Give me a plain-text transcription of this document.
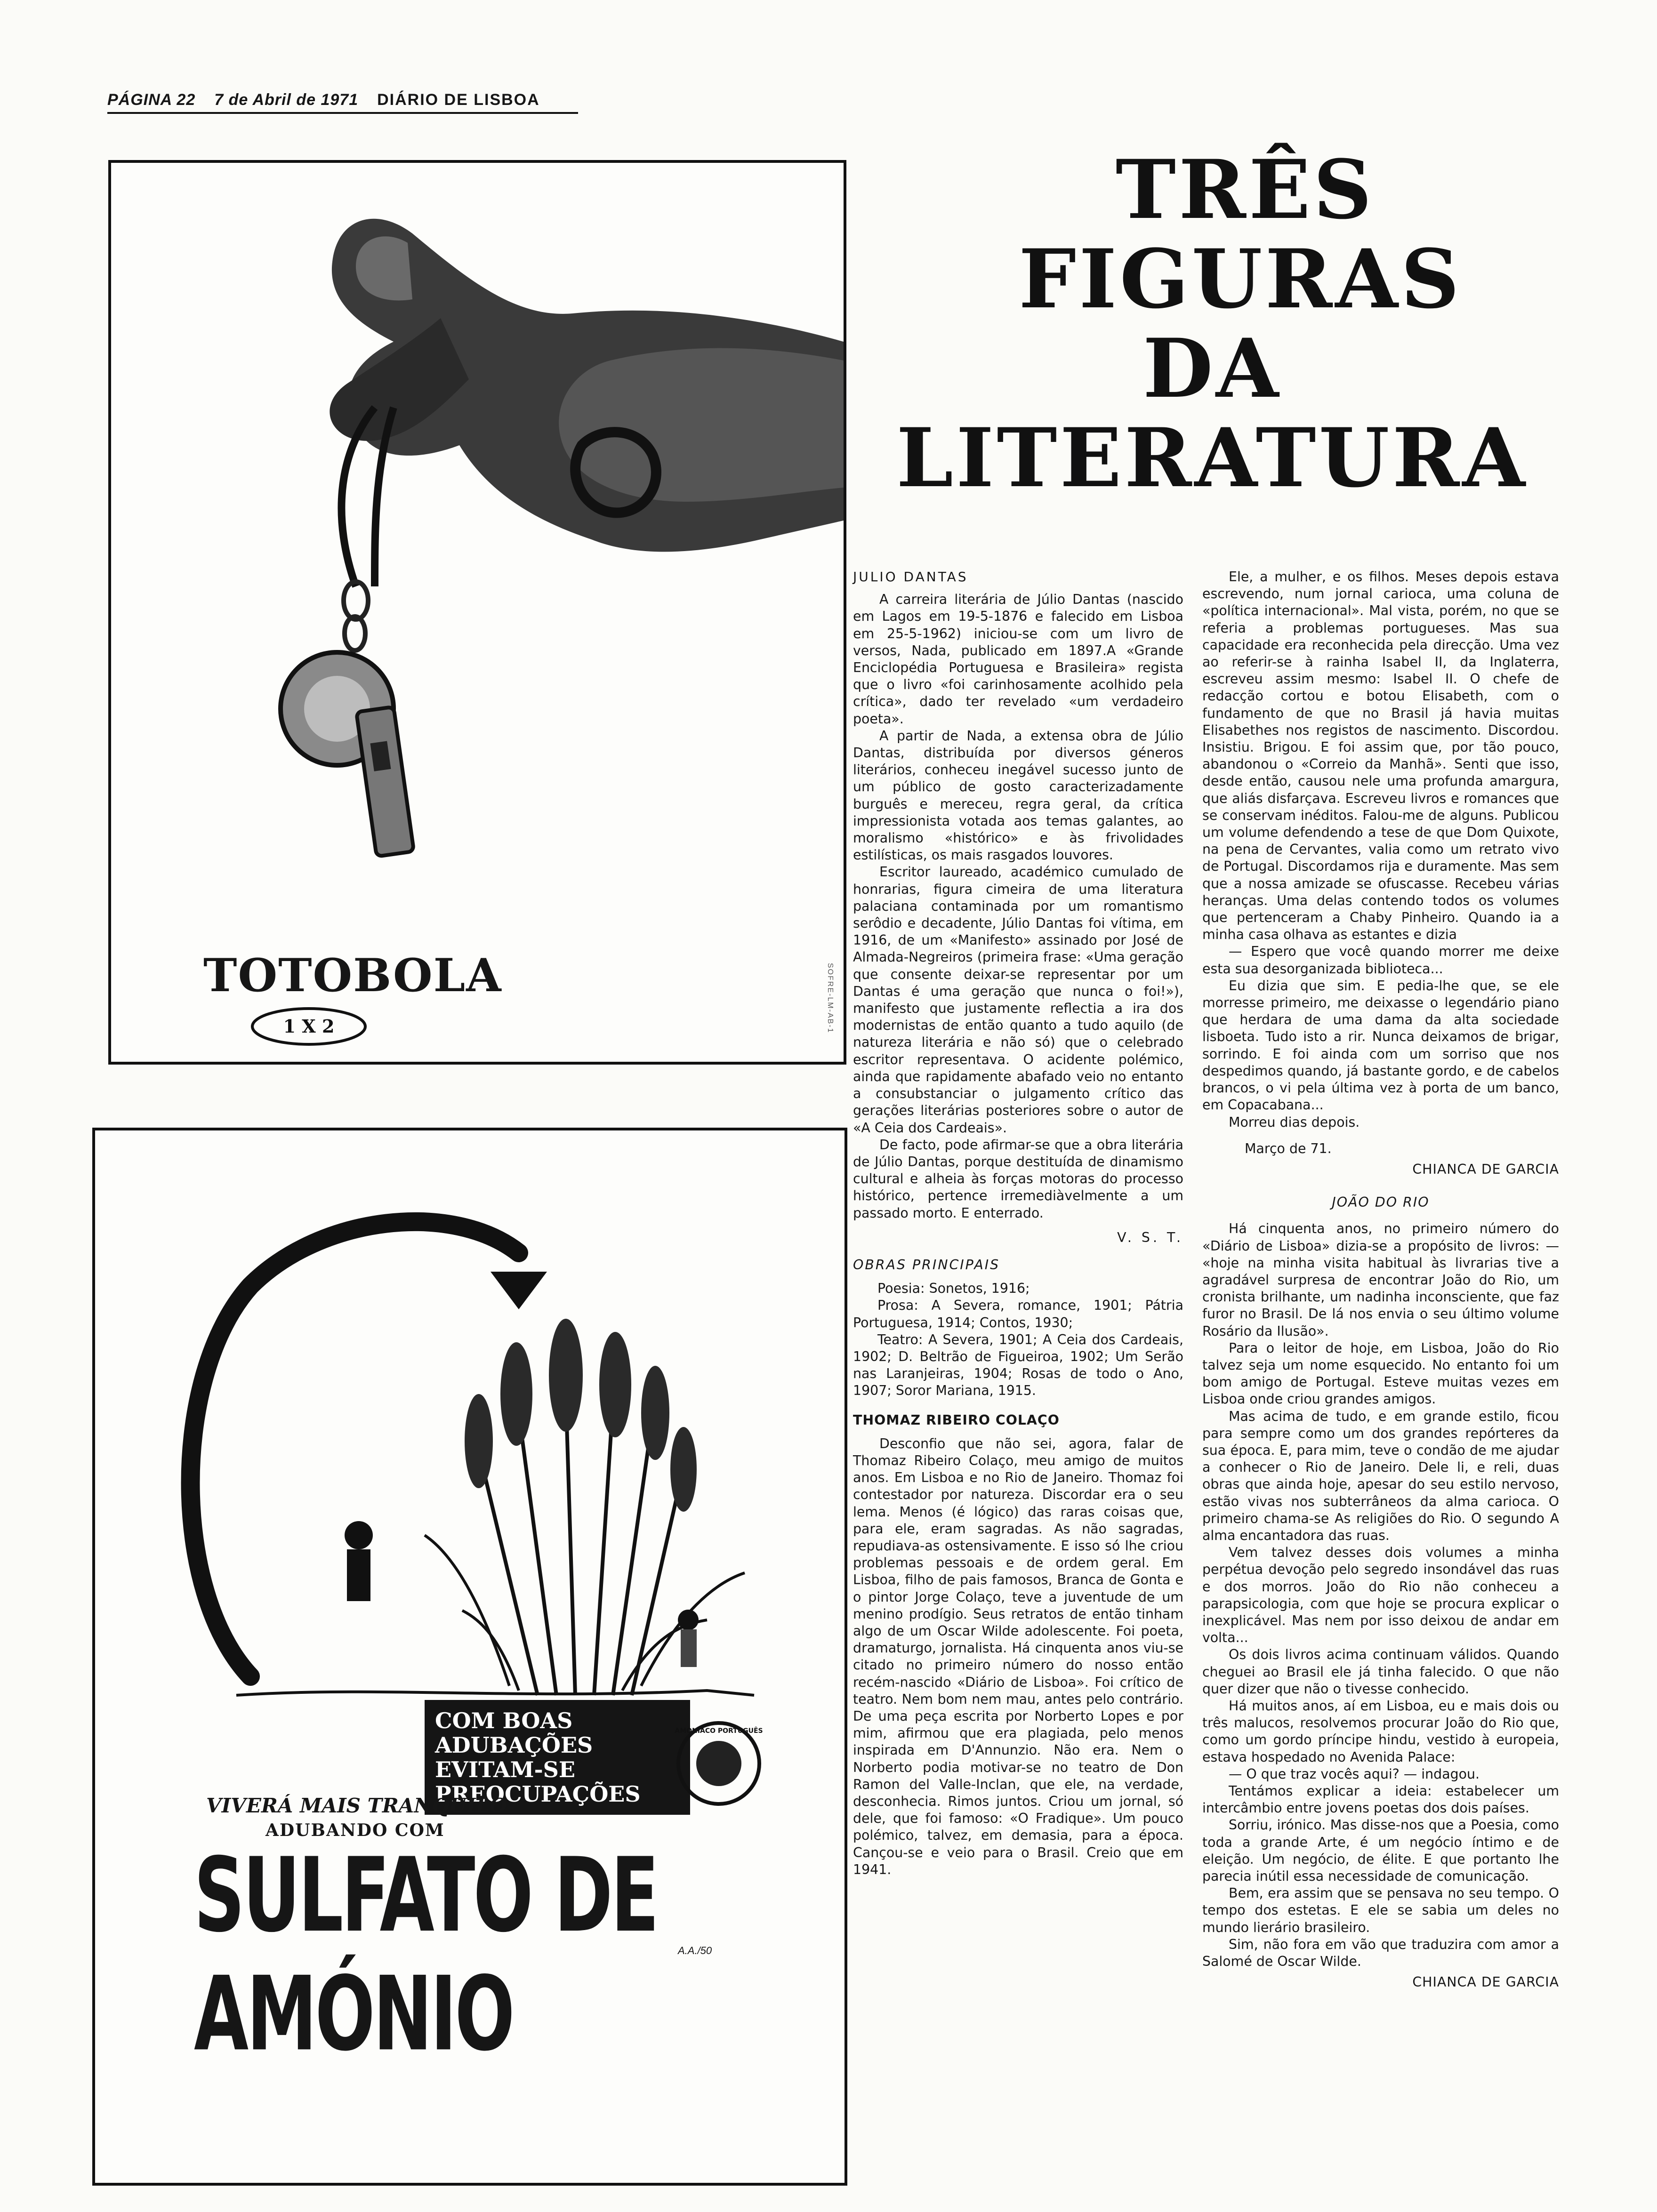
PÁGINA 22 7 de Abril de 1971 DIÁRIO DE LISBOA
TOTOBOLA
1 X 2	SOFRE-LM-AB-1
COM BOAS
ADUBAÇÕES
EVITAM-SE
PREOCUPAÇÕES
AMONÍACO PORTUGUÊS
VIVERÁ MAIS TRANQUILO
ADUBANDO COM
SULFATO DE AMÓNIO
A.A./50
TRÊS
FIGURAS
DA LITERATURA
JULIO DANTAS

A carreira literária de Júlio Dantas (nascido em Lagos em 19-5-1876 e falecido em Lisboa em 25-5-1962) iniciou-se com um livro de versos, Nada, publicado em 1897.A «Grande Enciclopédia Portuguesa e Brasileira» regista que o livro «foi carinhosamente acolhido pela crítica», dado ter revelado «um verdadeiro poeta».

A partir de Nada, a extensa obra de Júlio Dantas, distribuída por diversos géneros literários, conheceu inegável sucesso junto de um público de gosto caracterizadamente burguês e mereceu, regra geral, da crítica impressionista votada aos temas galantes, ao moralismo «histórico» e às frivolidades estilísticas, os mais rasgados louvores.

Escritor laureado, académico cumulado de honrarias, figura cimeira de uma literatura palaciana contaminada por um romantismo serôdio e decadente, Júlio Dantas foi vítima, em 1916, de um «Manifesto» assinado por José de Almada-Negreiros (primeira frase: «Uma geração que consente deixar-se representar por um Dantas é uma geração que nunca o foi!»), manifesto que justamente reflectia a ira dos modernistas de então quanto a tudo aquilo (de natureza literária e não só) que o celebrado escritor representava. O acidente polémico, ainda que rapidamente abafado veio no entanto a consubstanciar o julgamento crítico das gerações literárias posteriores sobre o autor de «A Ceia dos Cardeais».

De facto, pode afirmar-se que a obra literária de Júlio Dantas, porque destituída de dinamismo cultural e alheia às forças motoras do processo histórico, pertence irremediàvelmente a um passado morto. E enterrado.

V. S. T.
OBRAS PRINCIPAIS

Poesia: Sonetos, 1916;

Prosa: A Severa, romance, 1901; Pátria Portuguesa, 1914; Contos, 1930;

Teatro: A Severa, 1901; A Ceia dos Cardeais, 1902; D. Beltrão de Figueiroa, 1902; Um Serão nas Laranjeiras, 1904; Rosas de todo o Ano, 1907; Soror Mariana, 1915.

THOMAZ RIBEIRO COLAÇO

Desconfio que não sei, agora, falar de Thomaz Ribeiro Colaço, meu amigo de muitos anos. Em Lisboa e no Rio de Janeiro. Thomaz foi contestador por natureza. Discordar era o seu lema. Menos (é lógico) das raras coisas que, para ele, eram sagradas. As não sagradas, repudiava-as ostensivamente. E isso só lhe criou problemas pessoais e de ordem geral. Em Lisboa, filho de pais famosos, Branca de Gonta e o pintor Jorge Colaço, teve a juventude de um menino prodígio. Seus retratos de então tinham algo de um Oscar Wilde adolescente. Foi poeta, dramaturgo, jornalista. Há cinquenta anos viu-se citado no primeiro número do nosso então recém-nascido «Diário de Lisboa». Foi crítico de teatro. Nem bom nem mau, antes pelo contrário. De uma peça escrita por Norberto Lopes e por mim, afirmou que era plagiada, pelo menos inspirada em D'Annunzio. Não era. Nem o Norberto podia motivar-se no teatro de Don Ramon del Valle-Inclan, que ele, na verdade, desconhecia. Rimos juntos. Criou um jornal, só dele, que foi famoso: «O Fradique». Um pouco polémico, talvez, em demasia, para a época. Cançou-se e veio para o Brasil. Creio que em 1941.

Ele, a mulher, e os filhos. Meses depois estava escrevendo, num jornal carioca, uma coluna de «política internacional». Mal vista, porém, no que se referia a problemas portugueses. Mas sua capacidade era reconhecida pela direcção. Uma vez ao referir-se à rainha Isabel II, da Inglaterra, escreveu assim mesmo: Isabel II. O chefe de redacção cortou e botou Elisabeth, com o fundamento de que no Brasil já havia muitas Elisabethes nos registos de nascimento. Discordou. Insistiu. Brigou. E foi assim que, por tão pouco, abandonou o «Correio da Manhã». Senti que isso, desde então, causou nele uma profunda amargura, que aliás disfarçava. Escreveu livros e romances que se conservam inéditos. Falou-me de alguns. Publicou um volume defendendo a tese de que Dom Quixote, na pena de Cervantes, valia como um retrato vivo de Portugal. Discordamos rija e duramente. Mas sem que a nossa amizade se ofuscasse. Recebeu várias heranças. Uma delas contendo todos os volumes que pertenceram a Chaby Pinheiro. Quando ia a minha casa olhava as estantes e dizia

— Espero que você quando morrer me deixe esta sua desorganizada biblioteca...

Eu dizia que sim. E pedia-lhe que, se ele morresse primeiro, me deixasse o legendário piano que herdara de uma dama da alta sociedade lisboeta. Tudo isto a rir. Nunca deixamos de brigar, sorrindo. E foi ainda com um sorriso que nos despedimos quando, já bastante gordo, e de cabelos brancos, o vi pela última vez à porta de um banco, em Copacabana...

Morreu dias depois.

Março de 71.
CHIANCA DE GARCIA
JOÃO DO RIO

Há cinquenta anos, no primeiro número do «Diário de Lisboa» dizia-se a propósito de livros: — «hoje na minha visita habitual às livrarias tive a agradável surpresa de encontrar João do Rio, um cronista brilhante, um nadinha inconsciente, que faz furor no Brasil. De lá nos envia o seu último volume Rosário da Ilusão».

Para o leitor de hoje, em Lisboa, João do Rio talvez seja um nome esquecido. No entanto foi um bom amigo de Portugal. Esteve muitas vezes em Lisboa onde criou grandes amigos.

Mas acima de tudo, e em grande estilo, ficou para sempre como um dos grandes repórteres da sua época. E, para mim, teve o condão de me ajudar a conhecer o Rio de Janeiro. Dele li, e reli, duas obras que ainda hoje, apesar do seu estilo nervoso, estão vivas nos subterrâneos da alma carioca. O primeiro chama-se As religiões do Rio. O segundo A alma encantadora das ruas.

Vem talvez desses dois volumes a minha perpétua devoção pelo segredo insondável das ruas e dos morros. João do Rio não conheceu a parapsicologia, com que hoje se procura explicar o inexplicável. Mas nem por isso deixou de andar em volta...

Os dois livros acima continuam válidos. Quando cheguei ao Brasil ele já tinha falecido. O que não quer dizer que não o tivesse conhecido.

Há muitos anos, aí em Lisboa, eu e mais dois ou três malucos, resolvemos procurar João do Rio que, como um gordo príncipe hindu, vestido à europeia, estava hospedado no Avenida Palace:

— O que traz vocês aqui? — indagou.

Tentámos explicar a ideia: estabelecer um intercâmbio entre jovens poetas dos dois países.

Sorriu, irónico. Mas disse-nos que a Poesia, como toda a grande Arte, é um negócio íntimo e de eleição. Um negócio, de élite. E que portanto lhe parecia inútil essa necessidade de comunicação.

Bem, era assim que se pensava no seu tempo. O tempo dos estetas. E ele se sabia um deles no mundo lierário brasileiro.

Sim, não fora em vão que traduzira com amor a Salomé de Oscar Wilde.

CHIANCA DE GARCIA
